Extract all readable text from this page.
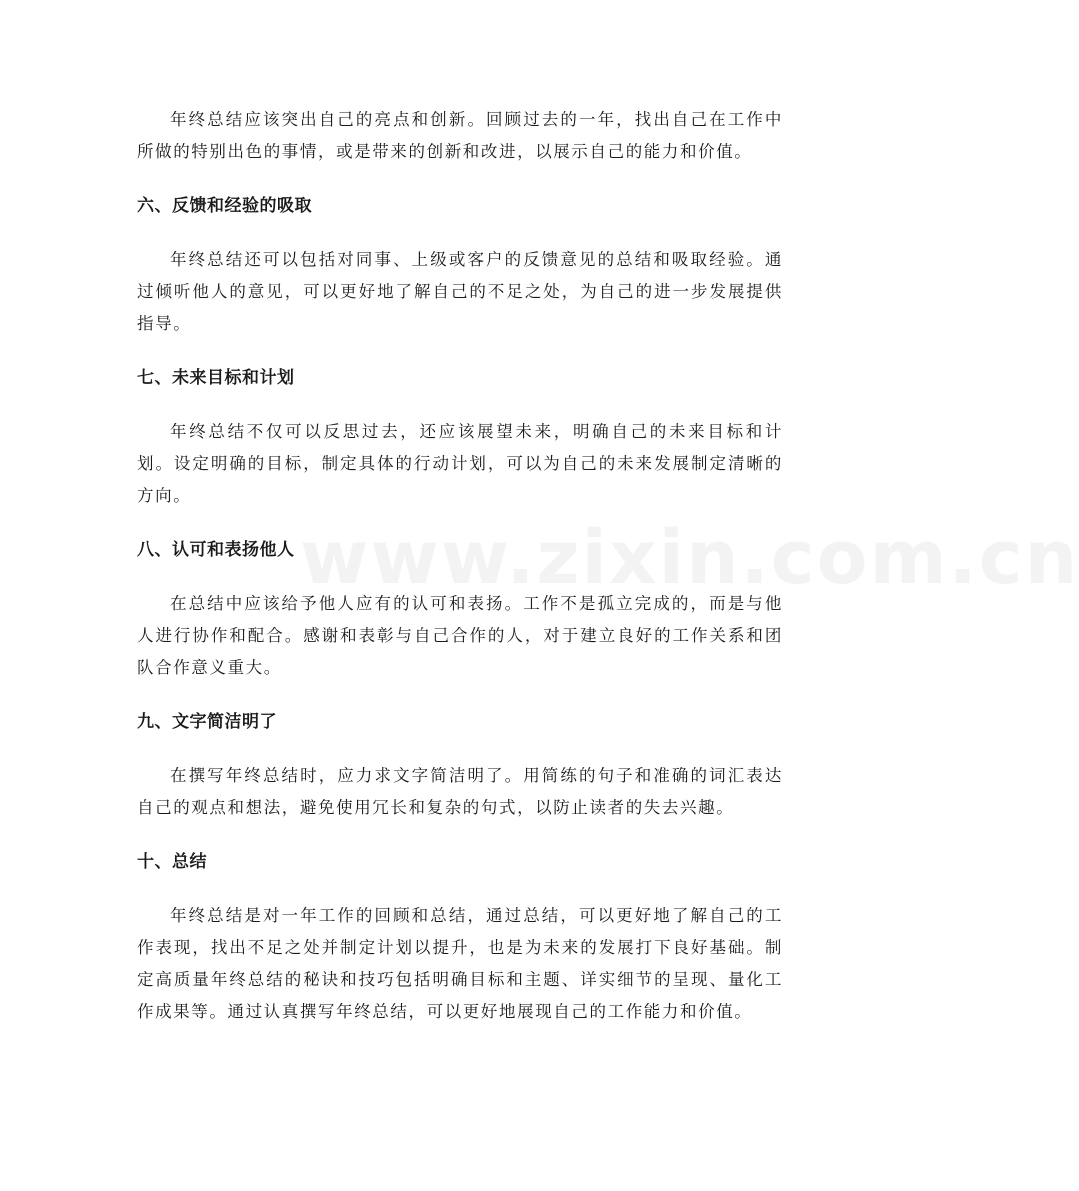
年终总结应该突出自己的亮点和创新。回顾过去的一年，找出自己在工作中所做的特别出色的事情，或是带来的创新和改进，以展示自己的能力和价值。

六、反馈和经验的吸取

年终总结还可以包括对同事、上级或客户的反馈意见的总结和吸取经验。通过倾听他人的意见，可以更好地了解自己的不足之处，为自己的进一步发展提供指导。

七、未来目标和计划

年终总结不仅可以反思过去，还应该展望未来，明确自己的未来目标和计划。设定明确的目标，制定具体的行动计划，可以为自己的未来发展制定清晰的方向。

八、认可和表扬他人

在总结中应该给予他人应有的认可和表扬。工作不是孤立完成的，而是与他人进行协作和配合。感谢和表彰与自己合作的人，对于建立良好的工作关系和团队合作意义重大。

九、文字简洁明了

在撰写年终总结时，应力求文字简洁明了。用简练的句子和准确的词汇表达自己的观点和想法，避免使用冗长和复杂的句式，以防止读者的失去兴趣。

十、总结

年终总结是对一年工作的回顾和总结，通过总结，可以更好地了解自己的工作表现，找出不足之处并制定计划以提升，也是为未来的发展打下良好基础。制定高质量年终总结的秘诀和技巧包括明确目标和主题、详实细节的呈现、量化工作成果等。通过认真撰写年终总结，可以更好地展现自己的工作能力和价值。

www.zixin.com.cn
